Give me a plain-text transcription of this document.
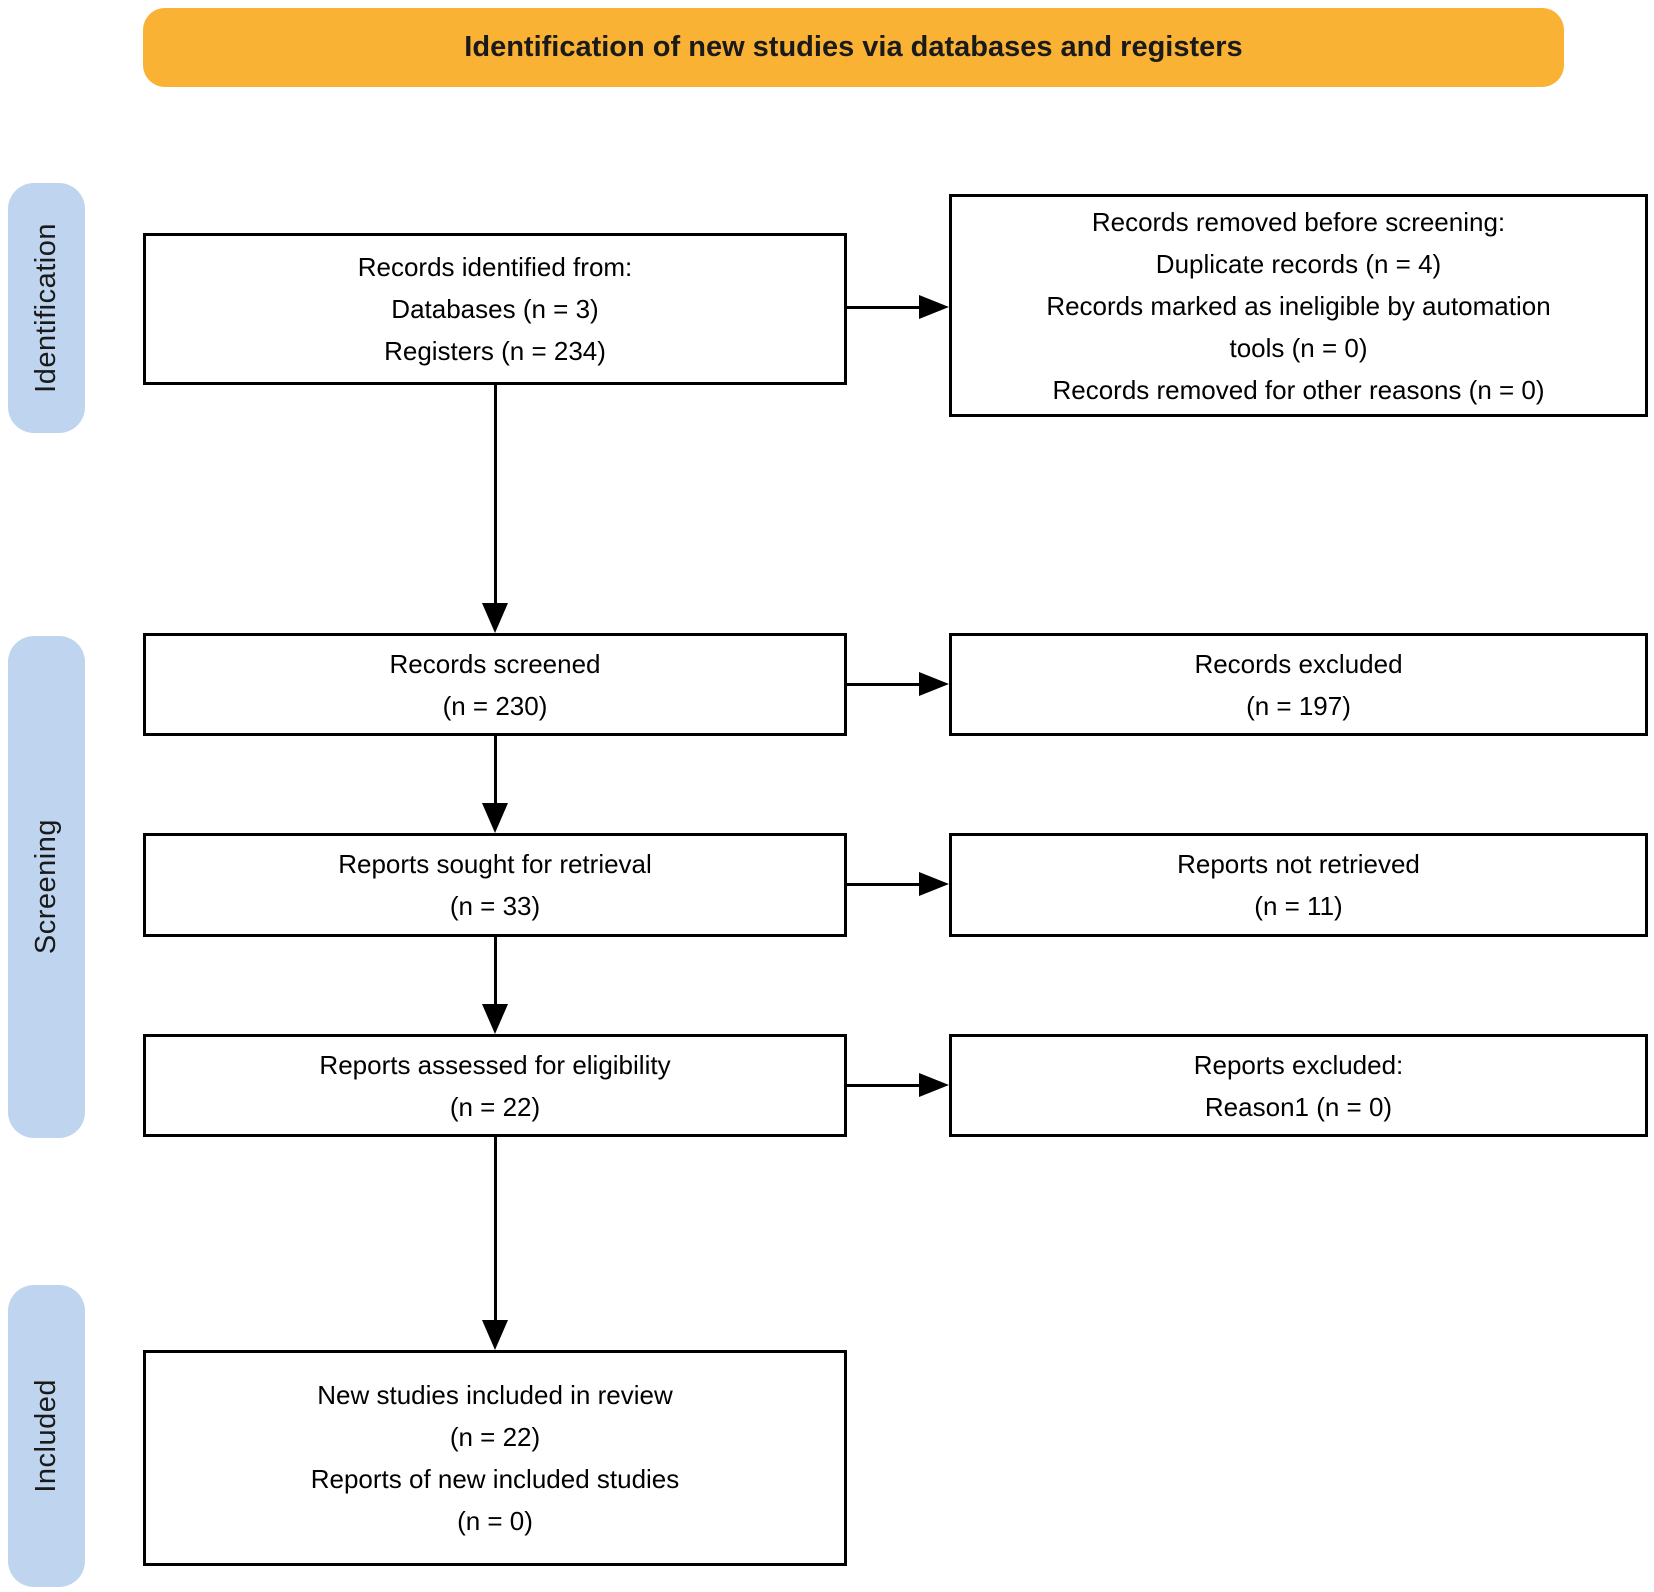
Identification of new studies via databases and registers
Identification
Screening
Included
Records identified from:
Databases (n = 3)
Registers (n = 234)
Records removed before screening:
Duplicate records (n = 4)
Records marked as ineligible by automation
tools (n = 0)
Records removed for other reasons (n = 0)
Records screened
(n = 230)
Records excluded
(n = 197)
Reports sought for retrieval
(n = 33)
Reports not retrieved
(n = 11)
Reports assessed for eligibility
(n = 22)
Reports excluded:
Reason1 (n = 0)
New studies included in review
(n = 22)
Reports of new included studies
(n = 0)
